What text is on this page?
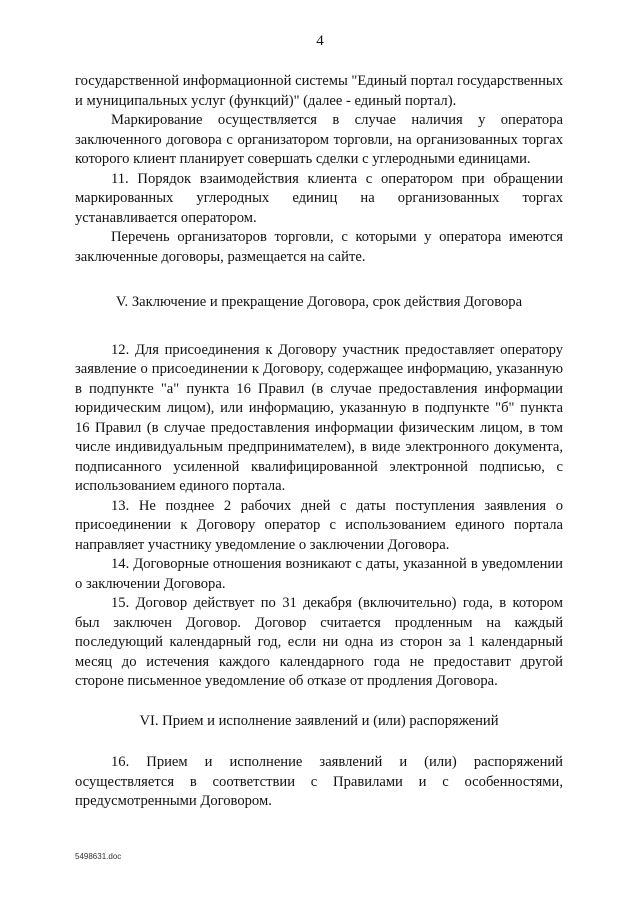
4

государственной информационной системы "Единый портал государственных и муниципальных услуг (функций)" (далее - единый портал).

Маркирование осуществляется в случае наличия у оператора заключенного договора с организатором торговли, на организованных торгах которого клиент планирует совершать сделки с углеродными единицами.

11. Порядок взаимодействия клиента с оператором при обращении маркированных углеродных единиц на организованных торгах устанавливается оператором.

Перечень организаторов торговли, с которыми у оператора имеются заключенные договоры, размещается на сайте.

V. Заключение и прекращение Договора, срок действия Договора

12. Для присоединения к Договору участник предоставляет оператору заявление о присоединении к Договору, содержащее информацию, указанную в подпункте "а" пункта 16 Правил (в случае предоставления информации юридическим лицом), или информацию, указанную в подпункте "б" пункта 16 Правил (в случае предоставления информации физическим лицом, в том числе индивидуальным предпринимателем), в виде электронного документа, подписанного усиленной квалифицированной электронной подписью, с использованием единого портала.

13. Не позднее 2 рабочих дней с даты поступления заявления о присоединении к Договору оператор с использованием единого портала направляет участнику уведомление о заключении Договора.

14. Договорные отношения возникают с даты, указанной в уведомлении о заключении Договора.

15. Договор действует по 31 декабря (включительно) года, в котором был заключен Договор. Договор считается продленным на каждый последующий календарный год, если ни одна из сторон за 1 календарный месяц до истечения каждого календарного года не предоставит другой стороне письменное уведомление об отказе от продления Договора.

VI. Прием и исполнение заявлений и (или) распоряжений

16. Прием и исполнение заявлений и (или) распоряжений осуществляется в соответствии с Правилами и с особенностями, предусмотренными Договором.

5498631.doc
